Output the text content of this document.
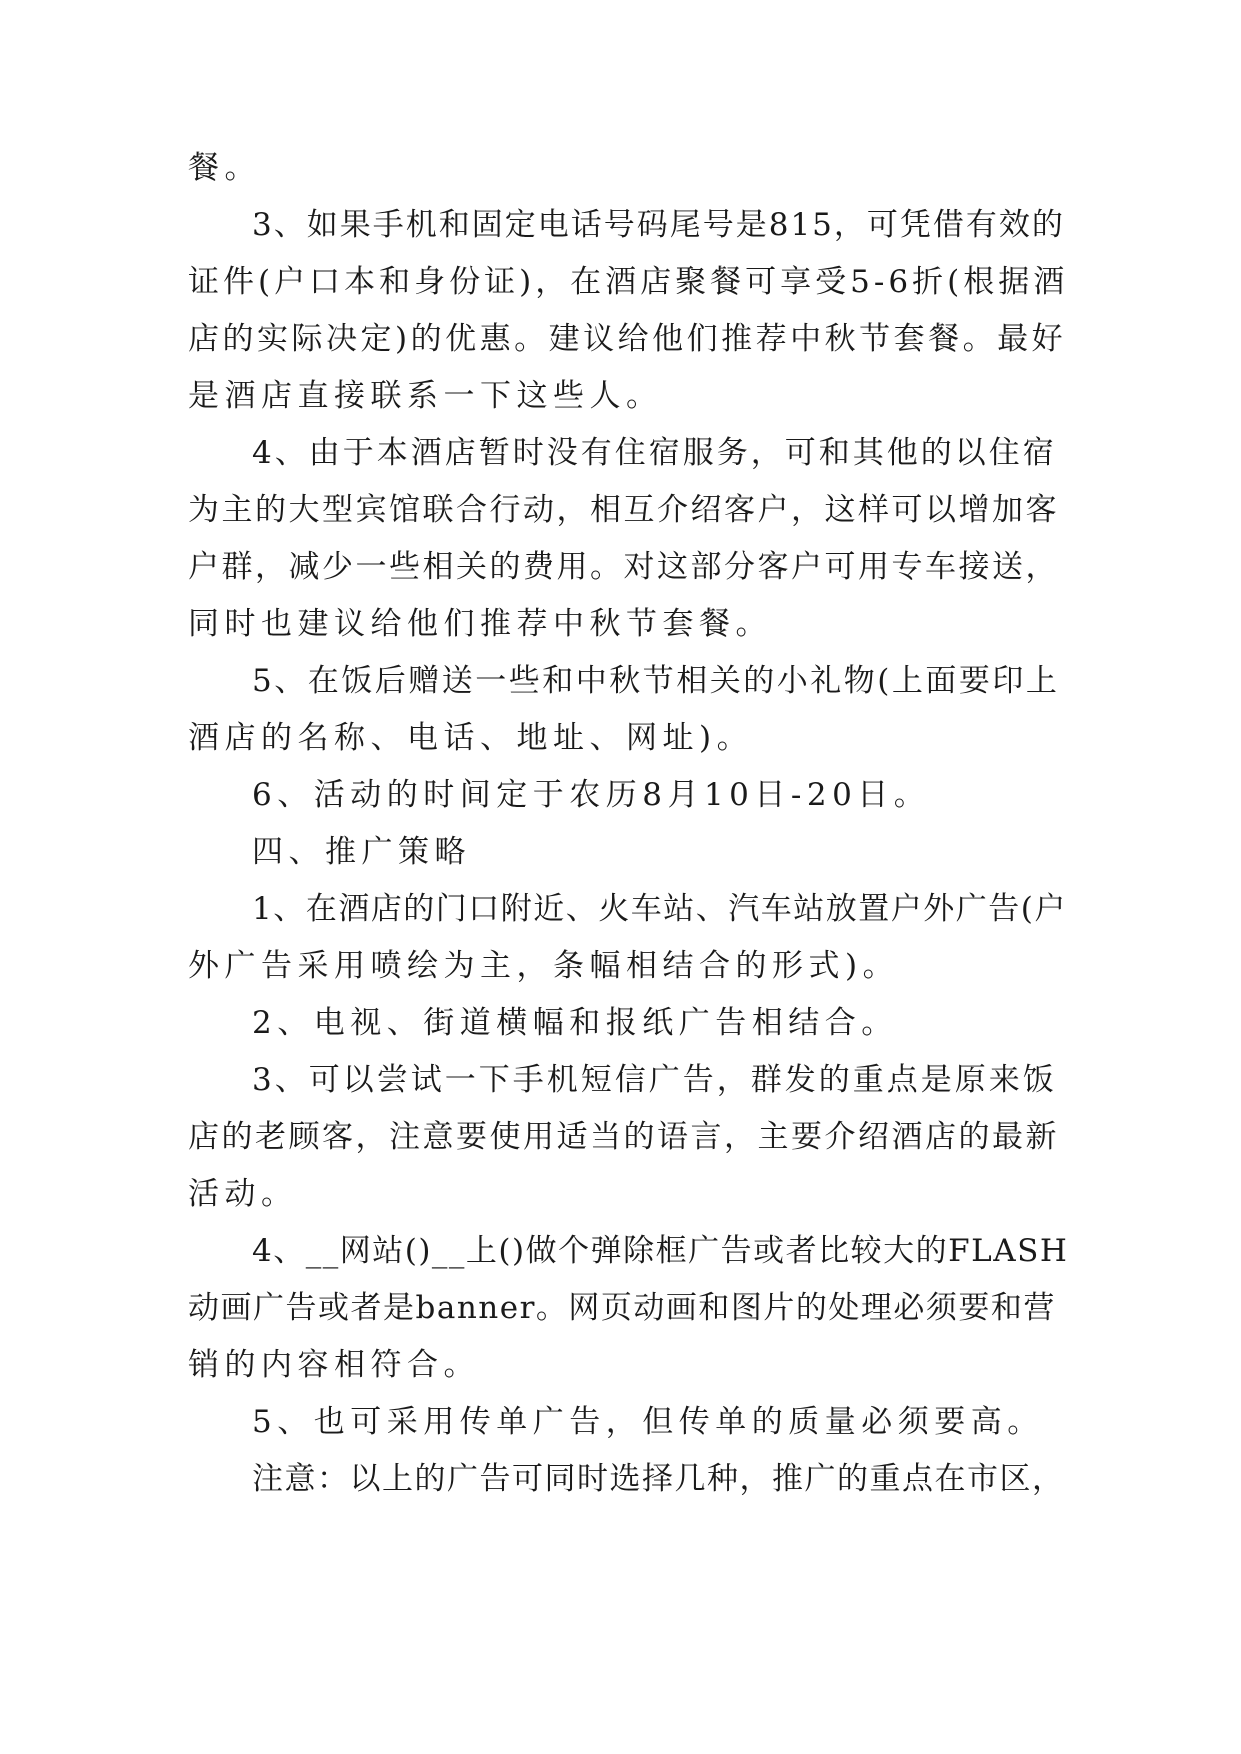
餐。
3、如果手机和固定电话号码尾号是815，可凭借有效的
证件(户口本和身份证)，在酒店聚餐可享受5-6折(根据酒
店的实际决定)的优惠。建议给他们推荐中秋节套餐。最好
是酒店直接联系一下这些人。
4、由于本酒店暂时没有住宿服务，可和其他的以住宿
为主的大型宾馆联合行动，相互介绍客户，这样可以增加客
户群，减少一些相关的费用。对这部分客户可用专车接送，
同时也建议给他们推荐中秋节套餐。
5、在饭后赠送一些和中秋节相关的小礼物(上面要印上
酒店的名称、电话、地址、网址)。
6、活动的时间定于农历8月10日-20日。
四、推广策略
1、在酒店的门口附近、火车站、汽车站放置户外广告(户
外广告采用喷绘为主，条幅相结合的形式)。
2、电视、街道横幅和报纸广告相结合。
3、可以尝试一下手机短信广告，群发的重点是原来饭
店的老顾客，注意要使用适当的语言，主要介绍酒店的最新
活动。
4、__网站()__上()做个弹除框广告或者比较大的FLASH
动画广告或者是banner。网页动画和图片的处理必须要和营
销的内容相符合。
5、也可采用传单广告，但传单的质量必须要高。
注意：以上的广告可同时选择几种，推广的重点在市区，
